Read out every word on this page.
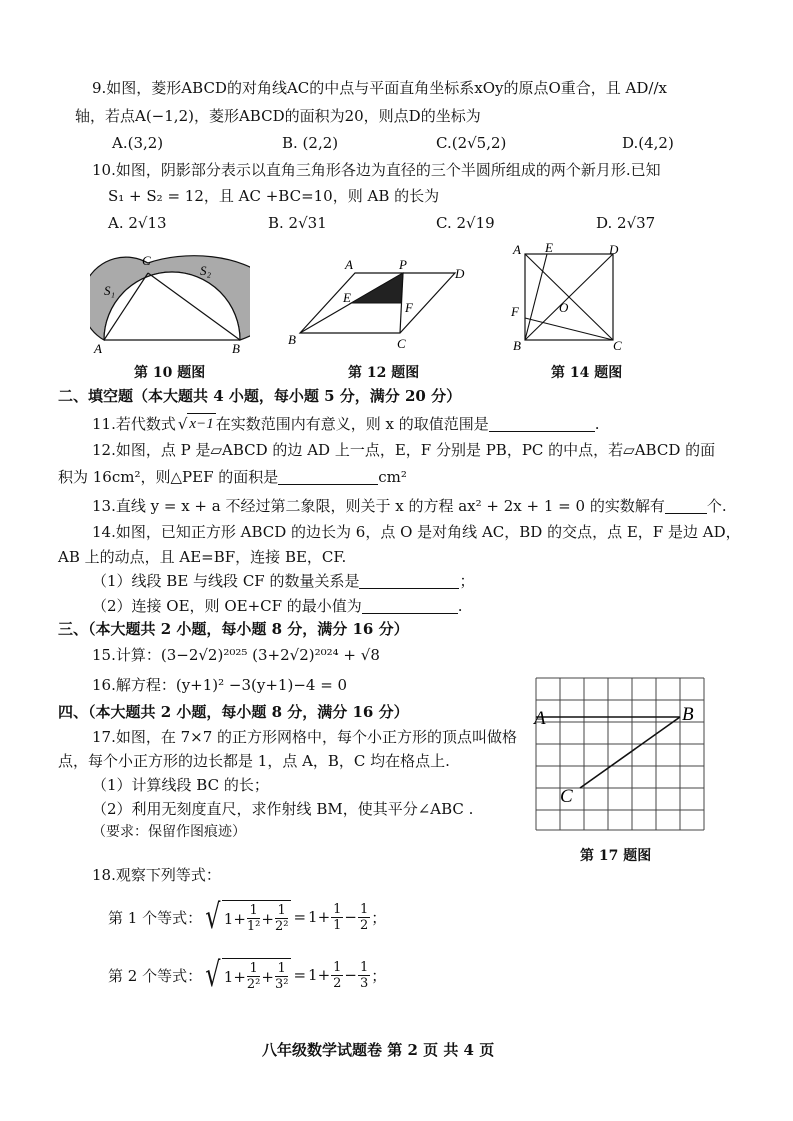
9.如图，菱形ABCD的对角线AC的中点与平面直角坐标系xOy的原点O重合，且 AD//x
轴，若点A(−1,2)，菱形ABCD的面积为20，则点D的坐标为
A.(3,2)	B. (2,2)	C.(2√5,2)	D.(4,2)
10.如图，阴影部分表示以直角三角形各边为直径的三个半圆所组成的两个新月形.已知
S₁ + S₂ = 12，且 AC +BC=10，则 AB 的长为
A. 2√13	B. 2√31	C. 2√19	D. 2√37
A	B
C
S₁
S₂
第 10 题图
A	P
D
E
F
B	C
第 12 题图
A E	D
F	O
B	C
第 14 题图
二、填空题（本大题共 4 小题，每小题 5 分，满分 20 分）
11.若代数式 √ x−1 在实数范围内有意义，则 x 的取值范围是	.
12.如图，点 P 是▱ABCD 的边 AD 上一点，E，F 分别是 PB，PC 的中点，若▱ABCD 的面
积为 16cm²，则△PEF 的面积是	cm²
13.直线 y = x + a 不经过第二象限，则关于 x 的方程 ax² + 2x + 1 = 0 的实数解有	个.
14.如图，已知正方形 ABCD 的边长为 6，点 O 是对角线 AC，BD 的交点，点 E，F 是边 AD，
AB 上的动点，且 AE=BF，连接 BE，CF.
（1）线段 BE 与线段 CF 的数量关系是	；
（2）连接 OE，则 OE+CF 的最小值为	.
三、（本大题共 2 小题，每小题 8 分，满分 16 分）
15.计算：(3−2√2)²⁰²⁵ (3+2√2)²⁰²⁴ + √8
16.解方程：(y+1)² −3(y+1)−4 = 0
四、（本大题共 2 小题，每小题 8 分，满分 16 分）
17.如图，在 7×7 的正方形网格中，每个小正方形的顶点叫做格
点，每个小正方形的边长都是 1，点 A，B，C 均在格点上.
（1）计算线段 BC 的长；
（2）利用无刻度直尺，求作射线 BM，使其平分∠ABC .
（要求：保留作图痕迹）
A	B
C
第 17 题图
18.观察下列等式：
第 1 个等式： √ $1 + \frac{1}{\text{1²}} + \frac{1}{\text{2²}} = 1 + \frac{1}{1} - \frac{1}{2}$ ；
第 2 个等式： √ $1 + \frac{1}{\text{2²}} + \frac{1}{\text{3²}} = 1 + \frac{1}{2} - \frac{1}{3}$ ；
八年级数学试题卷 第 2 页 共 4 页
